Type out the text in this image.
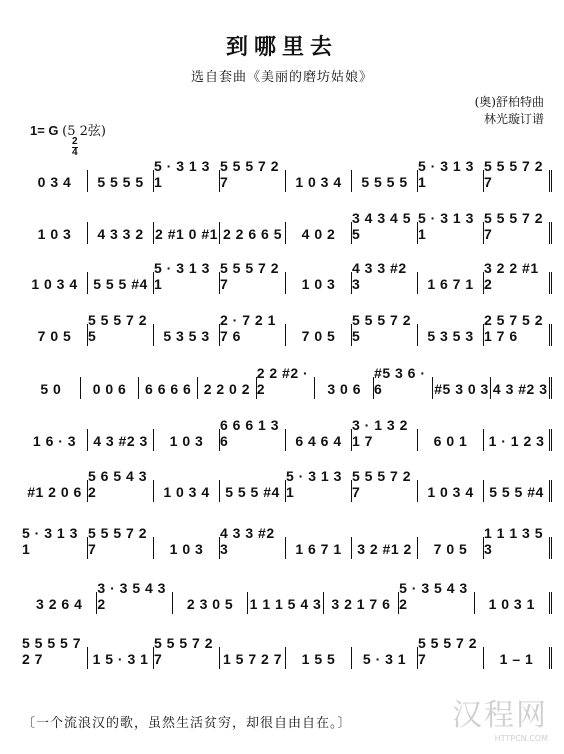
到哪里去
选自套曲《美丽的磨坊姑娘》
(奥)舒柏特曲
林光璇订谱
1= G (5 2弦)
2
4
0 3 4 5 5 5 5
5 · 3 1 3 1
5 5 5 7 2 7	1 0 3 4 5 5 5 5
5 · 3 1 3 1
5 5 5 7 2 7
1 0 3 4 3 3 2 2 #1 0 #1 2 2 6 6 5 4 0 2
3 4 3 4 5 5
5 · 3 1 3 1
5 5 5 7 2 7
1 0 3 4 5 5 5 #4
5 · 3 1 3 1
5 5 5 7 2 7	1 0 3
4 3 3 #2 3	1 6 7 1
3 2 2 #1 2
7 0 5
5 5 5 7 2 5	5 3 5 3
2 · 7 2 1 7 6	7 0 5
5 5 5 7 2 5	5 3 5 3
2 5 7 5 2 1 7 6
5 0 0 0 6 6 6 6 6 2 2 0 2
2 2 #2 · 2	3 0 6
#5 3 6 · 6	#5 3 0 3 4 3 #2 3
1 6 · 3 4 3 #2 3 1 0 3
6 6 6 1 3 6	6 4 6 4
3 · 1 3 2 1 7	6 0 1 1 · 1 2 3
#1 2 0 6
5 6 5 4 3 2	1 0 3 4 5 5 5 #4
5 · 3 1 3 1
5 5 5 7 2 7	1 0 3 4 5 5 5 #4
5 · 3 1 3 1
5 5 5 7 2 7	1 0 3
4 3 3 #2 3	1 6 7 1 3 2 #1 2 7 0 5
1 1 1 3 5 3
3 2 6 4
3 · 3 5 4 3 2	2 3 0 5 1 1 1 5 4 3 3 2 1 7 6
5 · 3 5 4 3 2	1 0 3 1
5 5 5 5 7 2 7	1 5 · 3 1
5 5 5 7 2 7	1 5 7 2 7 1 5 5 5 · 3 1
5 5 5 7 2 7	1 – 1
汉程网
HTTPCN.COM
〔一个流浪汉的歌，虽然生活贫穷，却很自由自在。〕
